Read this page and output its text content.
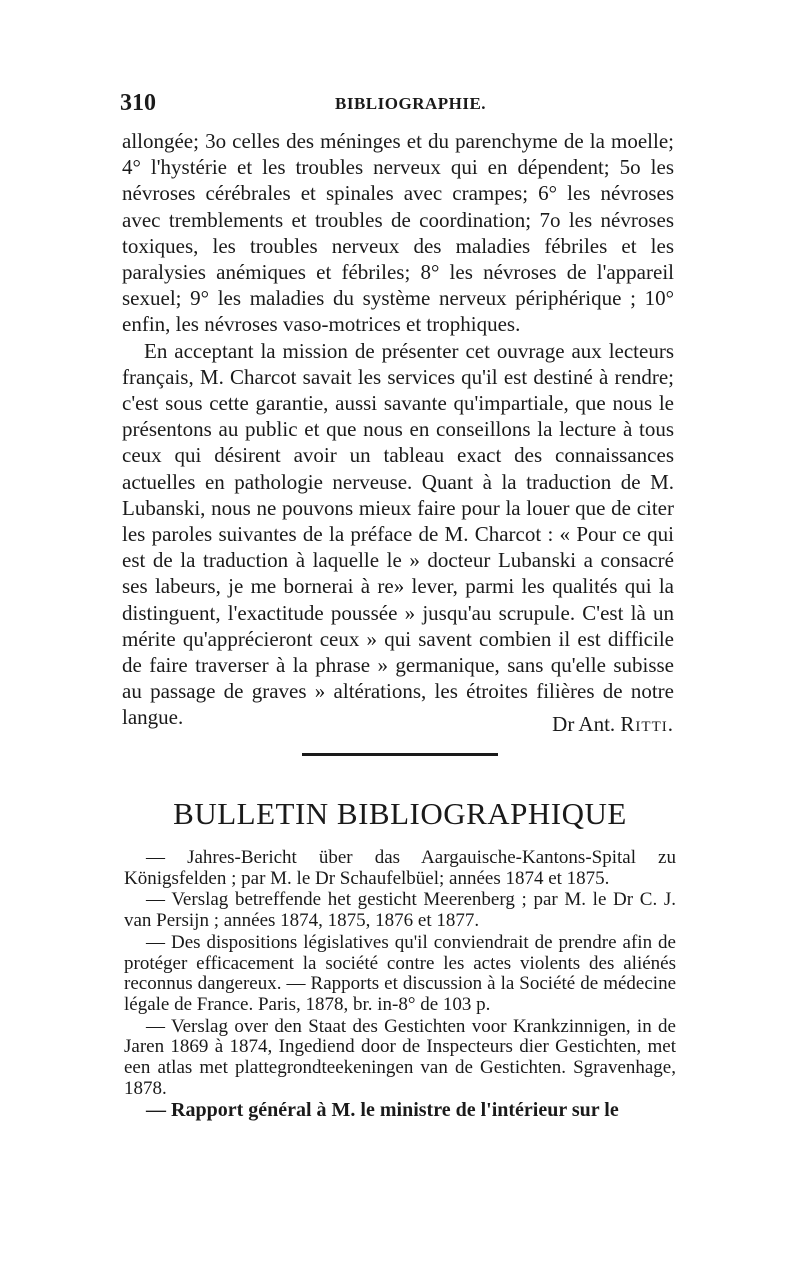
310	BIBLIOGRAPHIE.

allongée; 3o celles des méninges et du parenchyme de la moelle; 4° l'hystérie et les troubles nerveux qui en dépendent; 5o les névroses cérébrales et spinales avec crampes; 6° les névroses avec tremblements et troubles de coordination; 7o les névroses toxiques, les troubles nerveux des maladies fébriles et les paralysies anémiques et fébriles; 8° les névroses de l'appareil sexuel; 9° les maladies du système nerveux périphérique ; 10° enfin, les névroses vaso-motrices et trophiques.

En acceptant la mission de présenter cet ouvrage aux lecteurs français, M. Charcot savait les services qu'il est destiné à rendre; c'est sous cette garantie, aussi savante qu'impartiale, que nous le présentons au public et que nous en conseillons la lecture à tous ceux qui désirent avoir un tableau exact des connaissances actuelles en pathologie nerveuse. Quant à la traduction de M. Lubanski, nous ne pouvons mieux faire pour la louer que de citer les paroles suivantes de la préface de M. Charcot : « Pour ce qui est de la traduction à laquelle le » docteur Lubanski a consacré ses labeurs, je me bornerai à re» lever, parmi les qualités qui la distinguent, l'exactitude poussée » jusqu'au scrupule. C'est là un mérite qu'apprécieront ceux » qui savent combien il est difficile de faire traverser à la phrase » germanique, sans qu'elle subisse au passage de graves » altérations, les étroites filières de notre langue.	Dr Ant. Ritti.
BULLETIN BIBLIOGRAPHIQUE

— Jahres-Bericht über das Aargauische-Kantons-Spital zu Königsfelden ; par M. le Dr Schaufelbüel; années 1874 et 1875.

— Verslag betreffende het gesticht Meerenberg ; par M. le Dr C. J. van Persijn ; années 1874, 1875, 1876 et 1877.

— Des dispositions législatives qu'il conviendrait de prendre afin de protéger efficacement la société contre les actes violents des aliénés reconnus dangereux. — Rapports et discussion à la Société de médecine légale de France. Paris, 1878, br. in-8° de 103 p.

— Verslag over den Staat des Gestichten voor Krankzinnigen, in de Jaren 1869 à 1874, Ingediend door de Inspecteurs dier Gestichten, met een atlas met plattegrondteekeningen van de Gestichten. Sgravenhage, 1878.

— Rapport général à M. le ministre de l'intérieur sur le
